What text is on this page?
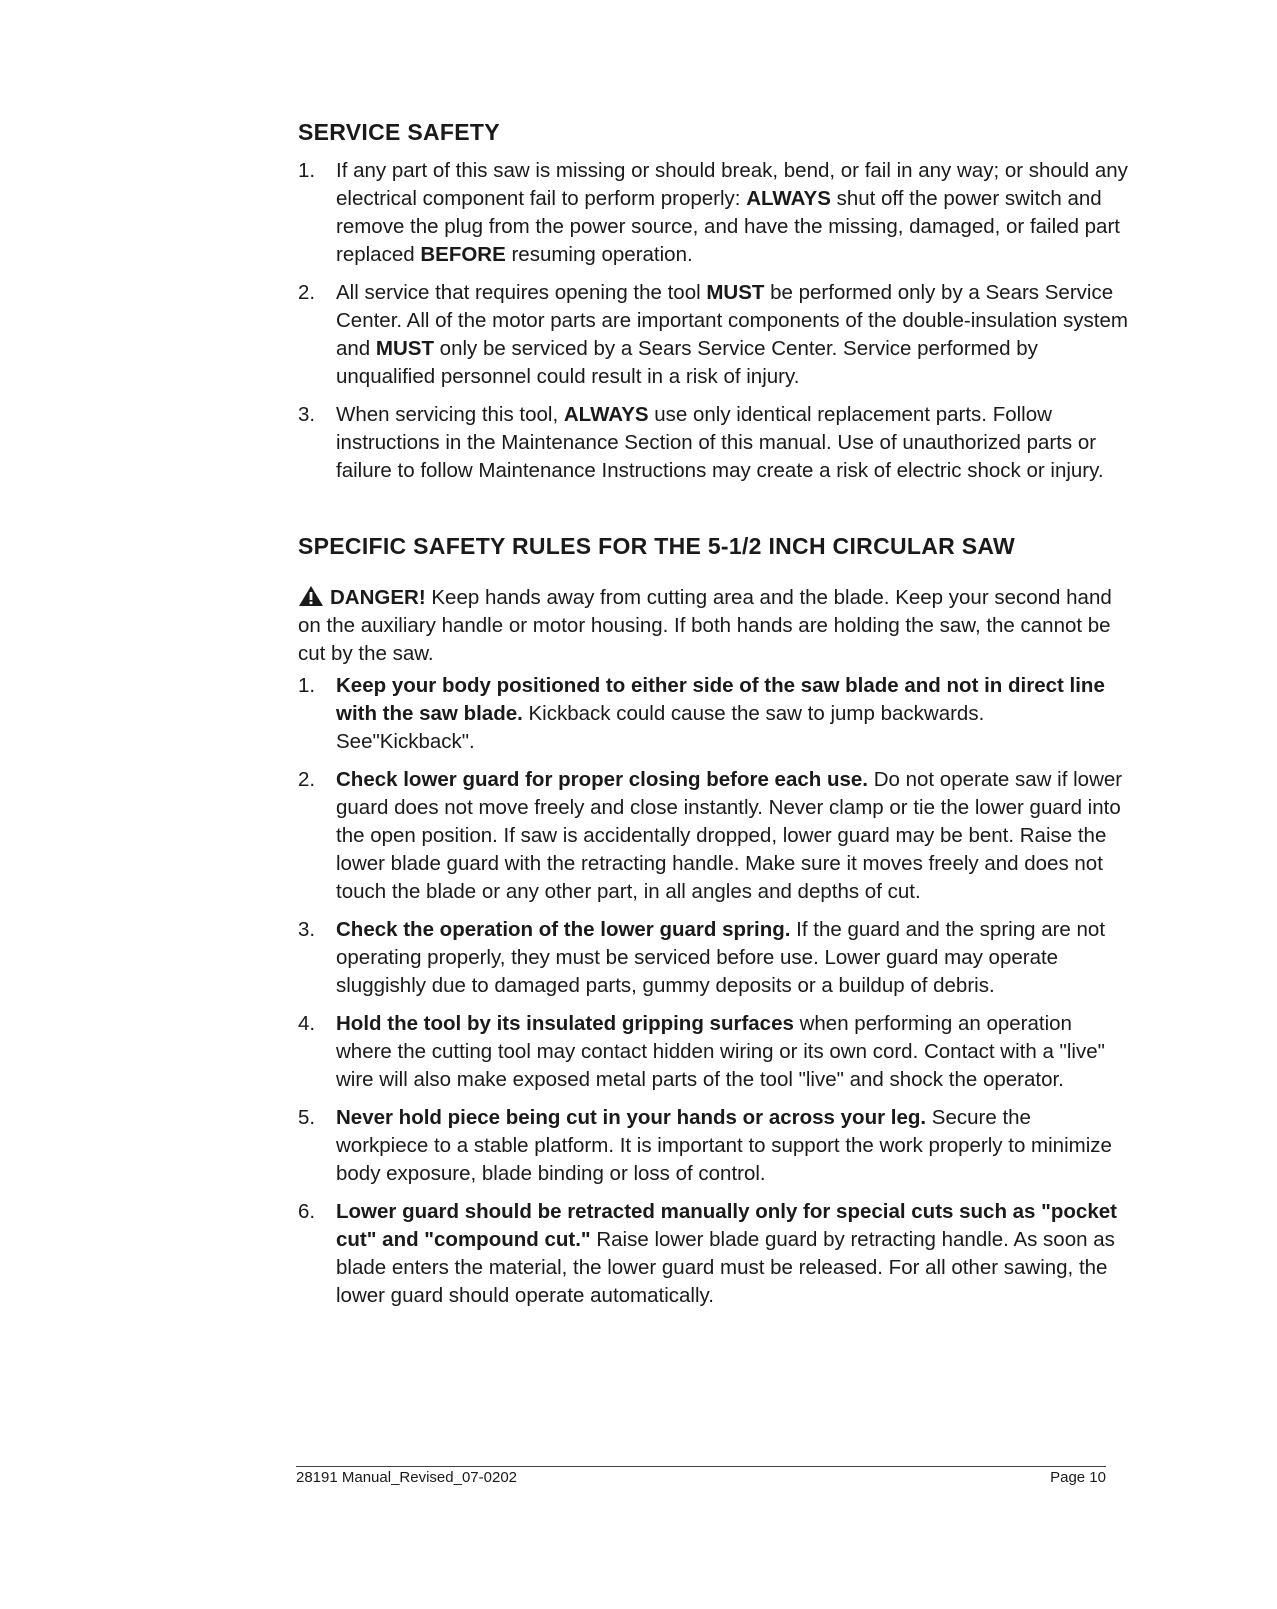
SERVICE SAFETY
1. If any part of this saw is missing or should break, bend, or fail in any way; or should any electrical component fail to perform properly: ALWAYS shut off the power switch and remove the plug from the power source, and have the missing, damaged, or failed part replaced BEFORE resuming operation.
2. All service that requires opening the tool MUST be performed only by a Sears Service Center. All of the motor parts are important components of the double-insulation system and MUST only be serviced by a Sears Service Center. Service performed by unqualified personnel could result in a risk of injury.
3. When servicing this tool, ALWAYS use only identical replacement parts. Follow instructions in the Maintenance Section of this manual. Use of unauthorized parts or failure to follow Maintenance Instructions may create a risk of electric shock or injury.
SPECIFIC SAFETY RULES FOR THE 5-1/2 INCH CIRCULAR SAW

DANGER! Keep hands away from cutting area and the blade. Keep your second hand on the auxiliary handle or motor housing. If both hands are holding the saw, the cannot be cut by the saw.

1. Keep your body positioned to either side of the saw blade and not in direct line with the saw blade. Kickback could cause the saw to jump backwards. See"Kickback".
2. Check lower guard for proper closing before each use. Do not operate saw if lower guard does not move freely and close instantly. Never clamp or tie the lower guard into the open position. If saw is accidentally dropped, lower guard may be bent. Raise the lower blade guard with the retracting handle. Make sure it moves freely and does not touch the blade or any other part, in all angles and depths of cut.
3. Check the operation of the lower guard spring. If the guard and the spring are not operating properly, they must be serviced before use. Lower guard may operate sluggishly due to damaged parts, gummy deposits or a buildup of debris.
4. Hold the tool by its insulated gripping surfaces when performing an operation where the cutting tool may contact hidden wiring or its own cord. Contact with a "live" wire will also make exposed metal parts of the tool "live" and shock the operator.
5. Never hold piece being cut in your hands or across your leg. Secure the workpiece to a stable platform. It is important to support the work properly to minimize body exposure, blade binding or loss of control.
6. Lower guard should be retracted manually only for special cuts such as "pocket cut" and "compound cut." Raise lower blade guard by retracting handle. As soon as blade enters the material, the lower guard must be released. For all other sawing, the lower guard should operate automatically.
28191 Manual_Revised_07-0202	Page 10
